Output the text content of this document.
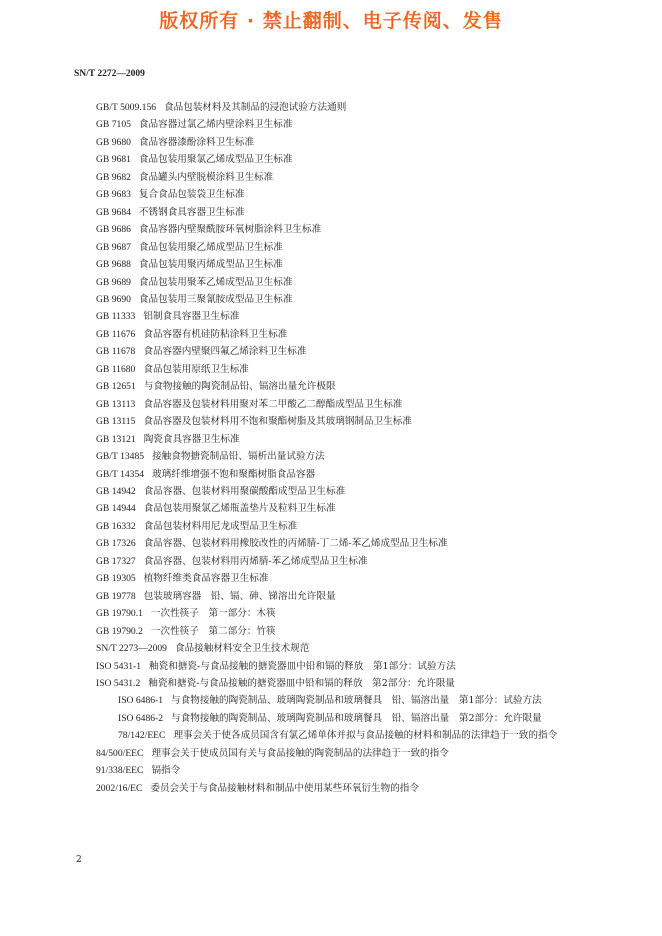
版权所有 · 禁止翻制、电子传阅、发售
SN/T 2272—2009
GB/T 5009.156 食品包装材料及其制品的浸泡试验方法通则
GB 7105 食品容器过氯乙烯内壁涂料卫生标准
GB 9680 食品容器漆酚涂料卫生标准
GB 9681 食品包装用聚氯乙烯成型品卫生标准
GB 9682 食品罐头内壁脱模涂料卫生标准
GB 9683 复合食品包装袋卫生标准
GB 9684 不锈钢食具容器卫生标准
GB 9686 食品容器内壁聚酰胺环氧树脂涂料卫生标准
GB 9687 食品包装用聚乙烯成型品卫生标准
GB 9688 食品包装用聚丙烯成型品卫生标准
GB 9689 食品包装用聚苯乙烯成型品卫生标准
GB 9690 食品包装用三聚氰胺成型品卫生标准
GB 11333 铝制食具容器卫生标准
GB 11676 食品容器有机硅防粘涂料卫生标准
GB 11678 食品容器内壁聚四氟乙烯涂料卫生标准
GB 11680 食品包装用原纸卫生标准
GB 12651 与食物接触的陶瓷制品铅、镉溶出量允许极限
GB 13113 食品容器及包装材料用聚对苯二甲酸乙二醇酯成型品卫生标准
GB 13115 食品容器及包装材料用不饱和聚酯树脂及其玻璃钢制品卫生标准
GB 13121 陶瓷食具容器卫生标准
GB/T 13485 接触食物搪瓷制品铅、镉析出量试验方法
GB/T 14354 玻璃纤维增强不饱和聚酯树脂食品容器
GB 14942 食品容器、包装材料用聚碳酸酯成型品卫生标准
GB 14944 食品包装用聚氯乙烯瓶盖垫片及粒料卫生标准
GB 16332 食品包装材料用尼龙成型品卫生标准
GB 17326 食品容器、包装材料用橡胶改性的丙烯腈-丁二烯-苯乙烯成型品卫生标准
GB 17327 食品容器、包装材料用丙烯腈-苯乙烯成型品卫生标准
GB 19305 植物纤维类食品容器卫生标准
GB 19778 包装玻璃容器　铅、镉、砷、锑溶出允许限量
GB 19790.1 一次性筷子　第一部分：木筷
GB 19790.2 一次性筷子　第二部分：竹筷
SN/T 2273—2009 食品接触材料安全卫生技术规范
ISO 5431-1 釉瓷和搪瓷-与食品接触的搪瓷器皿中铅和镉的释放　第1部分：试验方法
ISO 5431.2 釉瓷和搪瓷-与食品接触的搪瓷器皿中铅和镉的释放　第2部分：允许限量
ISO 6486-1 与食物接触的陶瓷制品、玻璃陶瓷制品和玻璃餐具　铅、镉溶出量　第1部分：试验方法
ISO 6486-2 与食物接触的陶瓷制品、玻璃陶瓷制品和玻璃餐具　铅、镉溶出量　第2部分：允许限量
78/142/EEC 理事会关于使各成员国含有氯乙烯单体并拟与食品接触的材料和制品的法律趋于一致的指令
84/500/EEC 理事会关于使成员国有关与食品接触的陶瓷制品的法律趋于一致的指令
91/338/EEC 镉指令
2002/16/EC 委员会关于与食品接触材料和制品中使用某些环氧衍生物的指令
2
